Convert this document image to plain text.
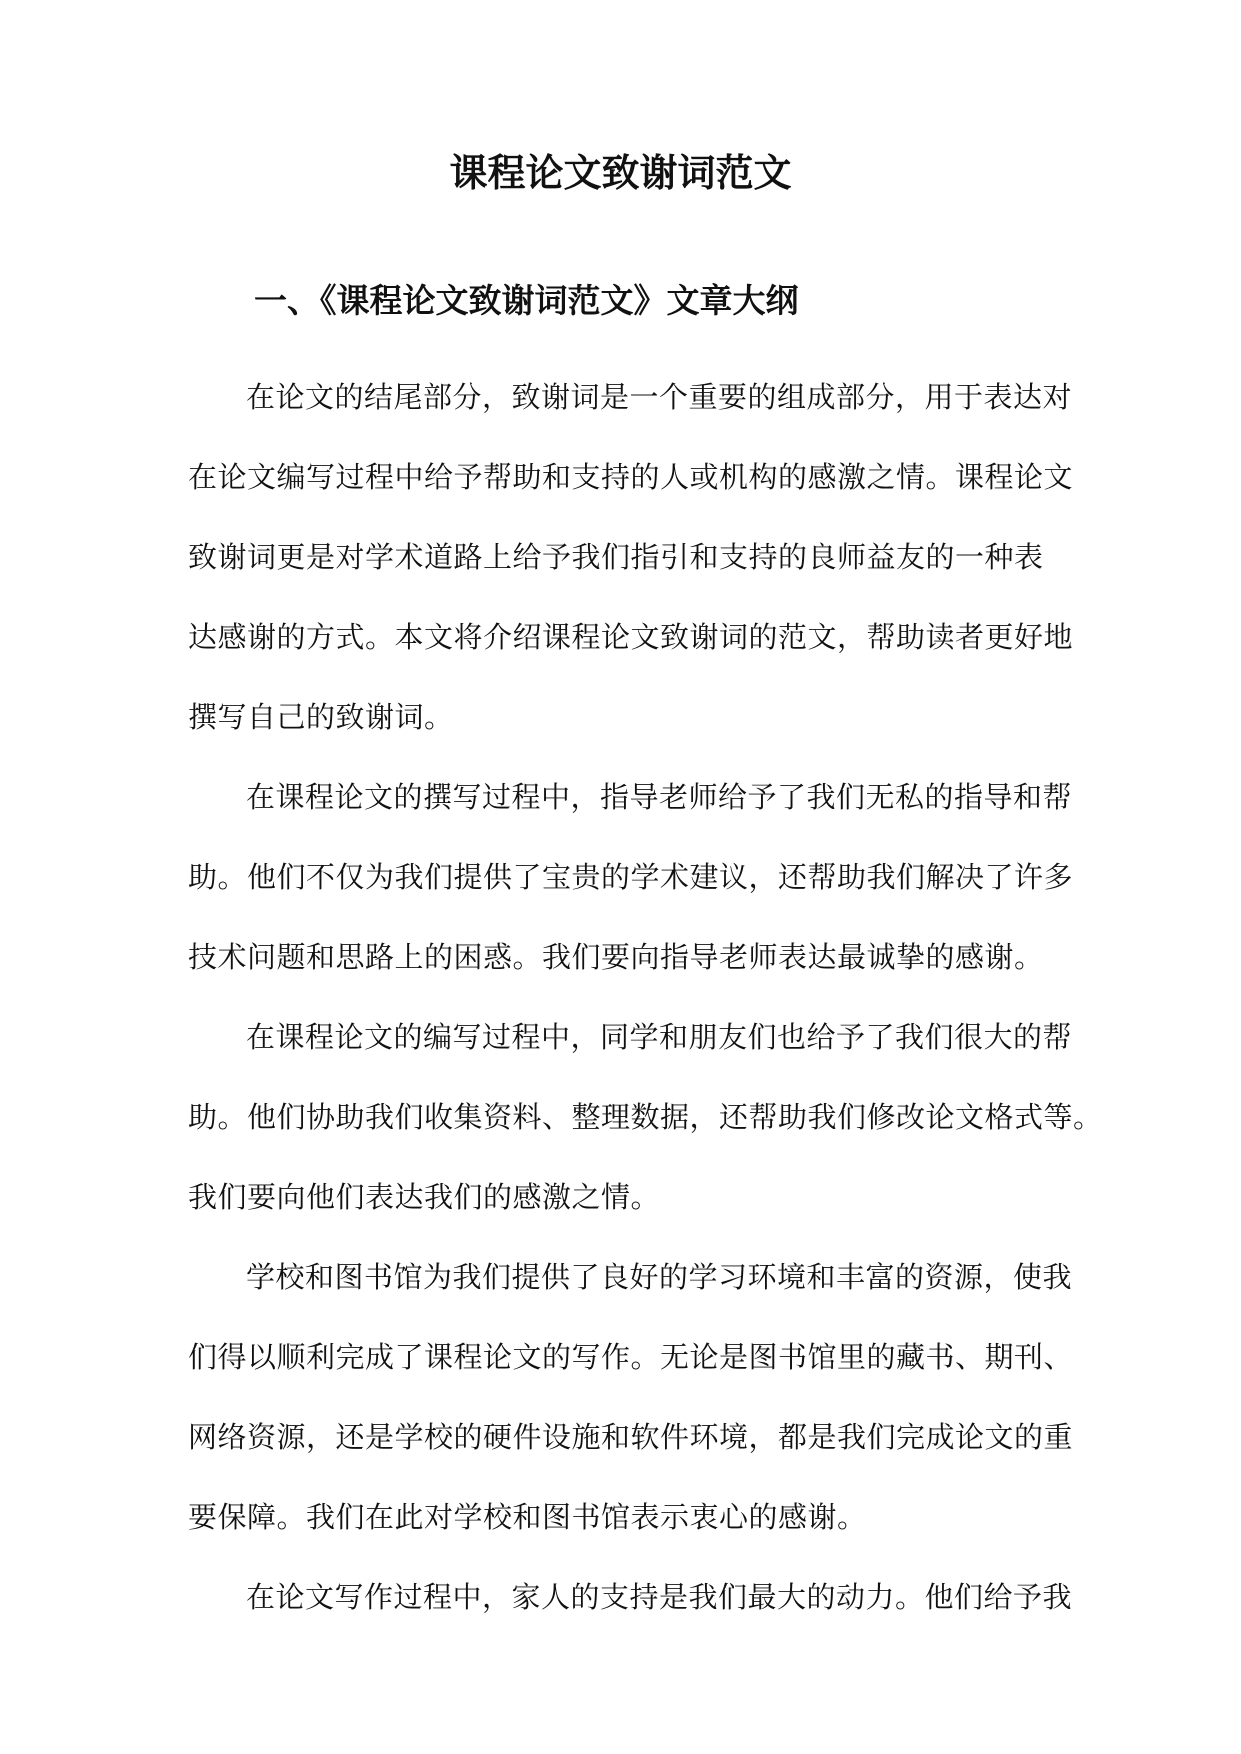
课程论文致谢词范文
一、《课程论文致谢词范文》文章大纲
在论文的结尾部分，致谢词是一个重要的组成部分，用于表达对
在论文编写过程中给予帮助和支持的人或机构的感激之情。课程论文
致谢词更是对学术道路上给予我们指引和支持的良师益友的一种表
达感谢的方式。本文将介绍课程论文致谢词的范文，帮助读者更好地
撰写自己的致谢词。
在课程论文的撰写过程中，指导老师给予了我们无私的指导和帮
助。他们不仅为我们提供了宝贵的学术建议，还帮助我们解决了许多
技术问题和思路上的困惑。我们要向指导老师表达最诚挚的感谢。
在课程论文的编写过程中，同学和朋友们也给予了我们很大的帮
助。他们协助我们收集资料、整理数据，还帮助我们修改论文格式等。
我们要向他们表达我们的感激之情。
学校和图书馆为我们提供了良好的学习环境和丰富的资源，使我
们得以顺利完成了课程论文的写作。无论是图书馆里的藏书、期刊、
网络资源，还是学校的硬件设施和软件环境，都是我们完成论文的重
要保障。我们在此对学校和图书馆表示衷心的感谢。
在论文写作过程中，家人的支持是我们最大的动力。他们给予我
